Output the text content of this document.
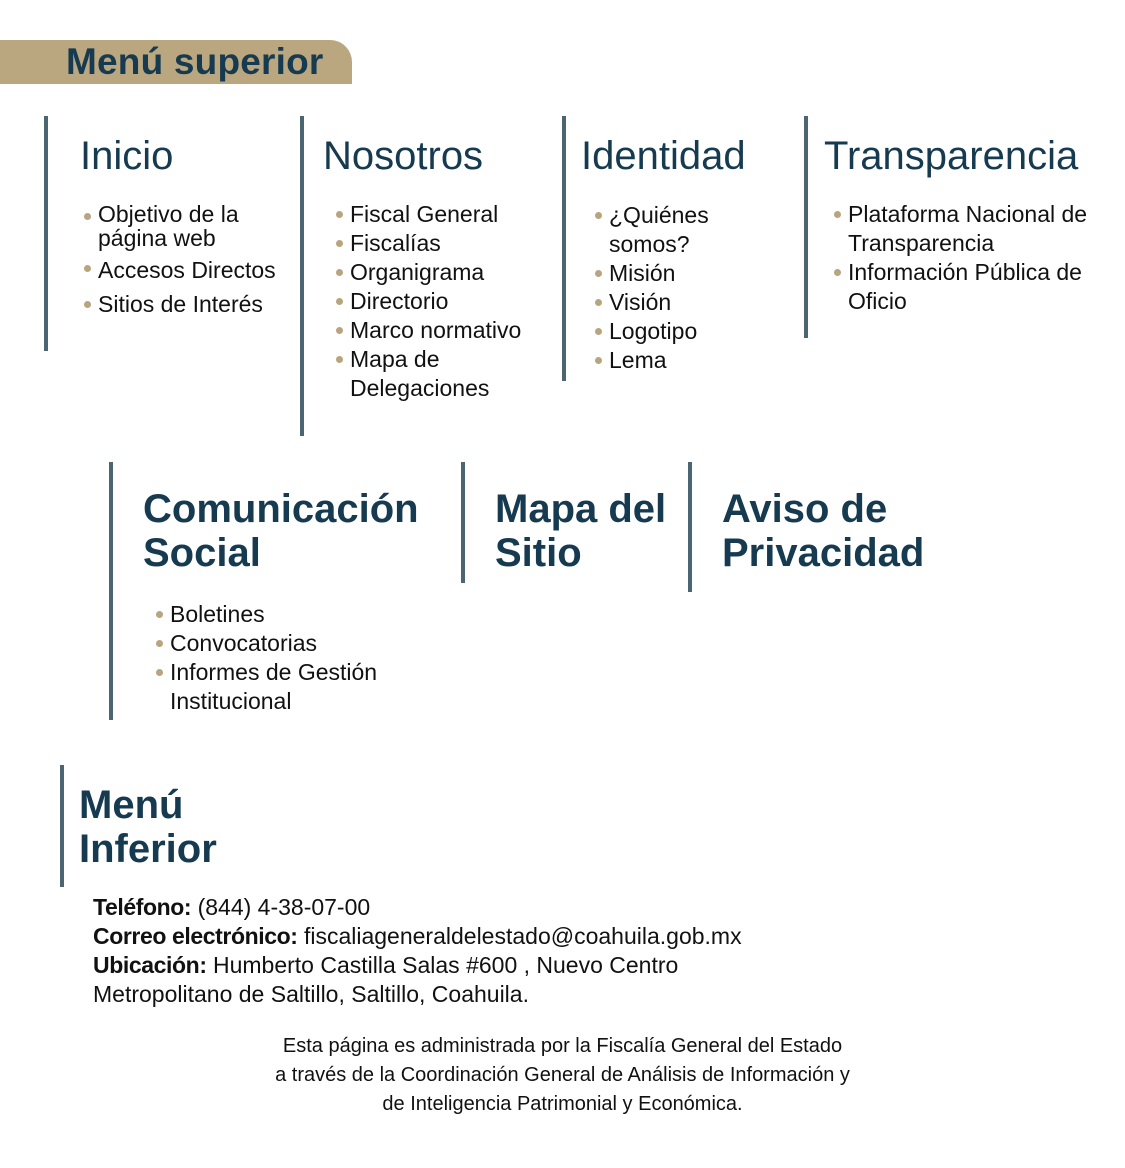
Menú superior
Inicio
Objetivo de la página web
Accesos Directos
Sitios de Interés
Nosotros
Fiscal General
Fiscalías
Organigrama
Directorio
Marco normativo
Mapa de Delegaciones
Identidad
¿Quiénes somos?
Misión
Visión
Logotipo
Lema
Transparencia
Plataforma Nacional de Transparencia
Información Pública de Oficio
Comunicación
Social
Boletines
Convocatorias
Informes de Gestión Institucional
Mapa del
Sitio
Aviso de
Privacidad
Menú
Inferior
Teléfono: (844) 4-38-07-00
Correo electrónico: fiscaliageneraldelestado@coahuila.gob.mx
Ubicación: Humberto Castilla Salas #600 , Nuevo Centro
Metropolitano de Saltillo, Saltillo, Coahuila.
Esta página es administrada por la Fiscalía General del Estado
a través de la Coordinación General de Análisis de Información y
de Inteligencia Patrimonial y Económica.
